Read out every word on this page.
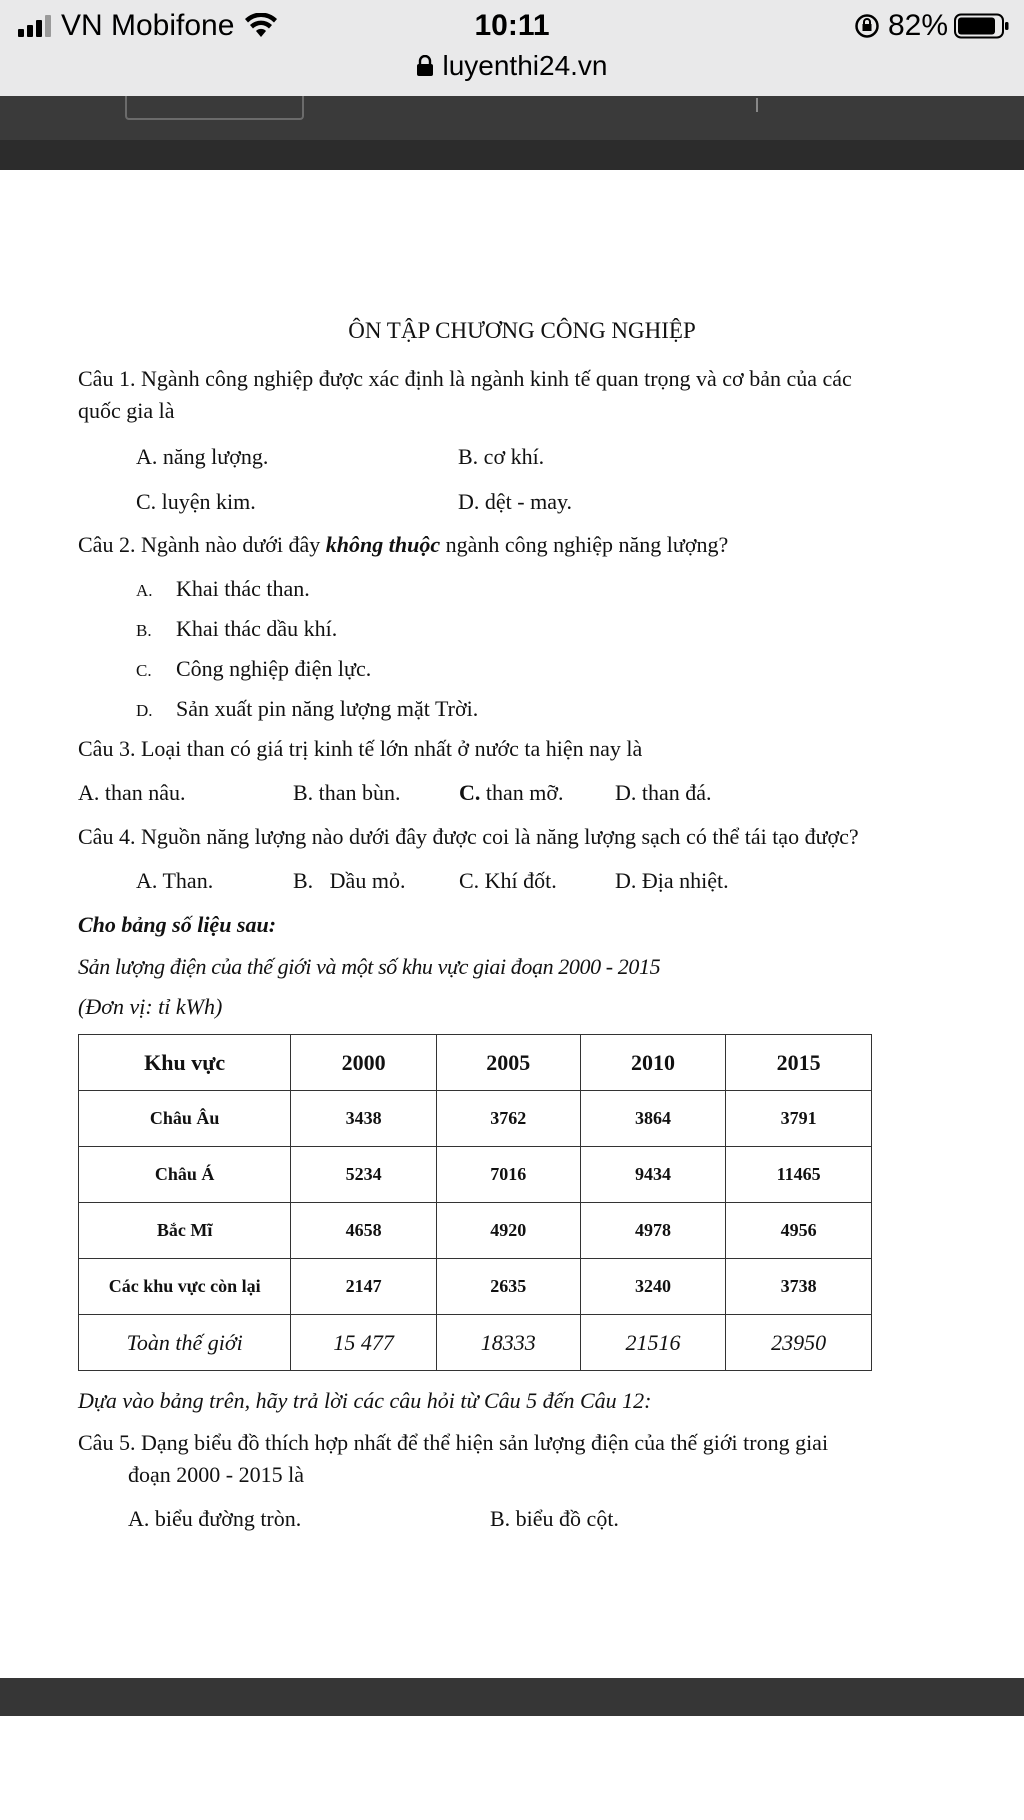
VN Mobifone	10:11	82%
luyenthi24.vn
ÔN TẬP CHƯƠNG CÔNG NGHIỆP
Câu 1. Ngành công nghiệp được xác định là ngành kinh tế quan trọng và cơ bản của các
quốc gia là
A. năng lượng.	B. cơ khí.
C. luyện kim.	D. dệt - may.
Câu 2. Ngành nào dưới đây không thuộc ngành công nghiệp năng lượng?
A. Khai thác than.
B. Khai thác dầu khí.
C. Công nghiệp điện lực.
D. Sản xuất pin năng lượng mặt Trời.
Câu 3. Loại than có giá trị kinh tế lớn nhất ở nước ta hiện nay là
A. than nâu.	B. than bùn.	C. than mỡ. D. than đá.
Câu 4. Nguồn năng lượng nào dưới đây được coi là năng lượng sạch có thể tái tạo được?
A. Than.	B.   Dầu mỏ. C. Khí đốt.	D. Địa nhiệt.
Cho bảng số liệu sau:
Sản lượng điện của thế giới và một số khu vực giai đoạn 2000 - 2015
(Đơn vị: tỉ kWh)
Khu vực	2000	2005	2010	2015
Châu Âu	3438	3762	3864	3791
Châu Á	5234	7016	9434	11465
Bắc Mĩ	4658	4920	4978	4956
Các khu vực còn lại	2147	2635	3240	3738
Toàn thế giới	15 477	18333	21516	23950
Dựa vào bảng trên, hãy trả lời các câu hỏi từ Câu 5 đến Câu 12:
Câu 5. Dạng biểu đồ thích hợp nhất để thể hiện sản lượng điện của thế giới trong giai
đoạn 2000 - 2015 là
A. biểu đường tròn.	B. biểu đồ cột.
